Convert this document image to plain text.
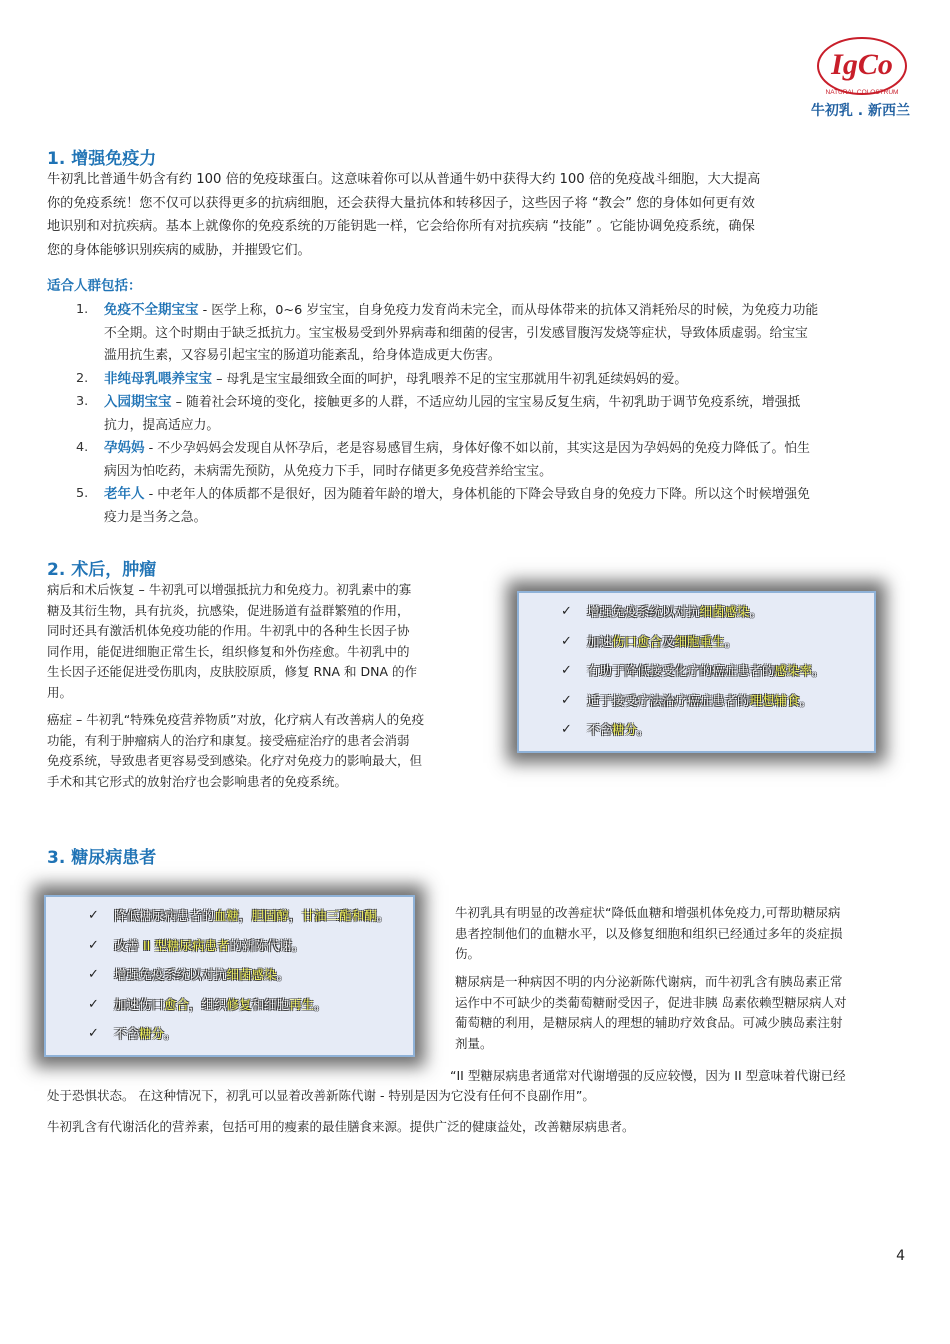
IgCo
NATURAL COLOSTRUM
牛初乳 . 新西兰
1. 增强免疫力
牛初乳比普通牛奶含有约 100 倍的免疫球蛋白。这意味着你可以从普通牛奶中获得大约 100 倍的免疫战斗细胞，大大提高
你的免疫系统！您不仅可以获得更多的抗病细胞，还会获得大量抗体和转移因子，这些因子将 “教会” 您的身体如何更有效
地识别和对抗疾病。基本上就像你的免疫系统的万能钥匙一样，它会给你所有对抗疾病 “技能” 。它能协调免疫系统，确保
您的身体能够识别疾病的威胁，并摧毁它们。
适合人群包括：
1. 免疫不全期宝宝 - 医学上称，0~6 岁宝宝，自身免疫力发育尚未完全，而从母体带来的抗体又消耗殆尽的时候，为免疫力功能
不全期。这个时期由于缺乏抵抗力。宝宝极易受到外界病毒和细菌的侵害，引发感冒腹泻发烧等症状，导致体质虚弱。给宝宝
滥用抗生素，又容易引起宝宝的肠道功能紊乱，给身体造成更大伤害。
2. 非纯母乳喂养宝宝 – 母乳是宝宝最细致全面的呵护，母乳喂养不足的宝宝那就用牛初乳延续妈妈的爱。
3. 入园期宝宝 – 随着社会环境的变化，接触更多的人群，不适应幼儿园的宝宝易反复生病，牛初乳助于调节免疫系统，增强抵
抗力，提高适应力。
4. 孕妈妈 - 不少孕妈妈会发现自从怀孕后，老是容易感冒生病，身体好像不如以前，其实这是因为孕妈妈的免疫力降低了。怕生
病因为怕吃药，未病需先预防，从免疫力下手，同时存储更多免疫营养给宝宝。
5. 老年人 - 中老年人的体质都不是很好，因为随着年龄的增大，身体机能的下降会导致自身的免疫力下降。所以这个时候增强免
疫力是当务之急。
2. 术后，肿瘤
病后和术后恢复 – 牛初乳可以增强抵抗力和免疫力。初乳素中的寡
糖及其衍生物，具有抗炎，抗感染，促进肠道有益群繁殖的作用，
同时还具有激活机体免疫功能的作用。牛初乳中的各种生长因子协
同作用，能促进细胞正常生长，组织修复和外伤痊愈。牛初乳中的
生长因子还能促进受伤肌肉，皮肤胶原质，修复 RNA 和 DNA 的作
用。
癌症 – 牛初乳“特殊免疫营养物质”对放，化疗病人有改善病人的免疫
功能，有利于肿瘤病人的治疗和康复。接受癌症治疗的患者会消弱
免疫系统，导致患者更容易受到感染。化疗对免疫力的影响最大，但
手术和其它形式的放射治疗也会影响患者的免疫系统。
✓ 增强免疫系统以对抗细菌感染。
✓ 加速伤口愈合及细胞重生。
✓ 有助于降低接受化疗的癌症患者的感染率。
✓ 适于接受疗法治疗癌症患者的理想辅食。
✓ 不含糖分。
3. 糖尿病患者
✓ 降低糖尿病患者的血糖，胆固醇，甘油三酯和酮。
✓ 改善 II 型糖尿病患者的新陈代谢。
✓ 增强免疫系统以对抗细菌感染。
✓ 加速伤口愈合，组织修复和细胞再生。
✓ 不含糖分。
牛初乳具有明显的改善症状“降低血糖和增强机体免疫力,可帮助糖尿病
患者控制他们的血糖水平，以及修复细胞和组织已经通过多年的炎症损
伤。
糖尿病是一种病因不明的内分泌新陈代谢病，而牛初乳含有胰岛素正常
运作中不可缺少的类葡萄糖耐受因子，促进非胰 岛素依赖型糖尿病人对
葡萄糖的利用，是糖尿病人的理想的辅助疗效食品。可减少胰岛素注射
剂量。
“II 型糖尿病患者通常对代谢增强的反应较慢，因为 II 型意味着代谢已经
处于恐惧状态。 在这种情况下，初乳可以显着改善新陈代谢 - 特别是因为它没有任何不良副作用”。
牛初乳含有代谢活化的营养素，包括可用的瘦素的最佳膳食来源。提供广泛的健康益处，改善糖尿病患者。
4
